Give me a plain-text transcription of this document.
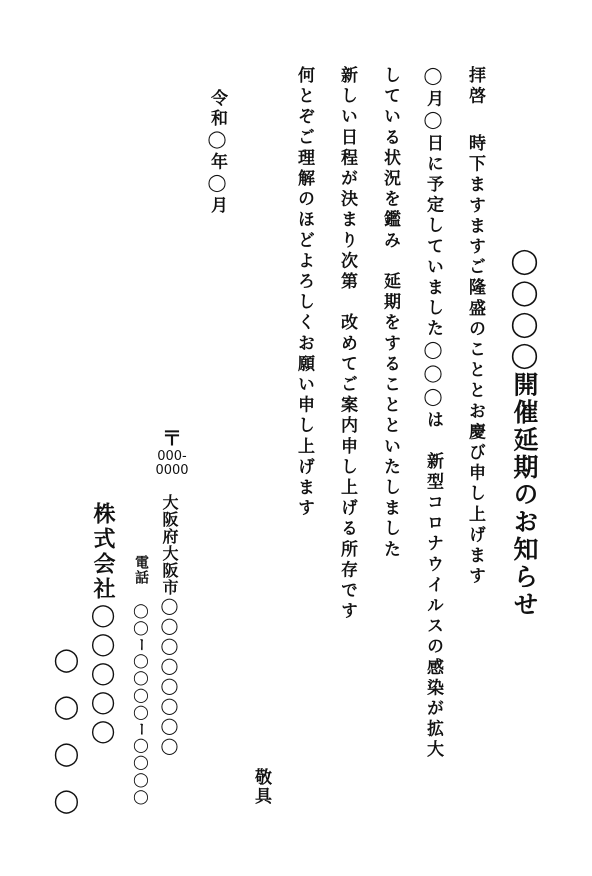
◯◯◯◯開催延期のお知らせ
拝啓
時下ますますご隆盛のこととお慶び申し上げます
◯月◯日に予定していました◯◯◯は　新型コロナウイルスの感染が拡大
している状況を鑑み　延期をすることといたしました
新しい日程が決まり次第　改めてご案内申し上げる所存です
何とぞご理解のほどよろしくお願い申し上げます
敬具
令和◯年◯月
〒
000-0000
大阪府大阪市◯◯◯◯◯◯◯◯
電話 ◯◯ー◯◯◯◯ー◯◯◯◯
株式会社◯◯◯◯◯
◯◯◯◯
